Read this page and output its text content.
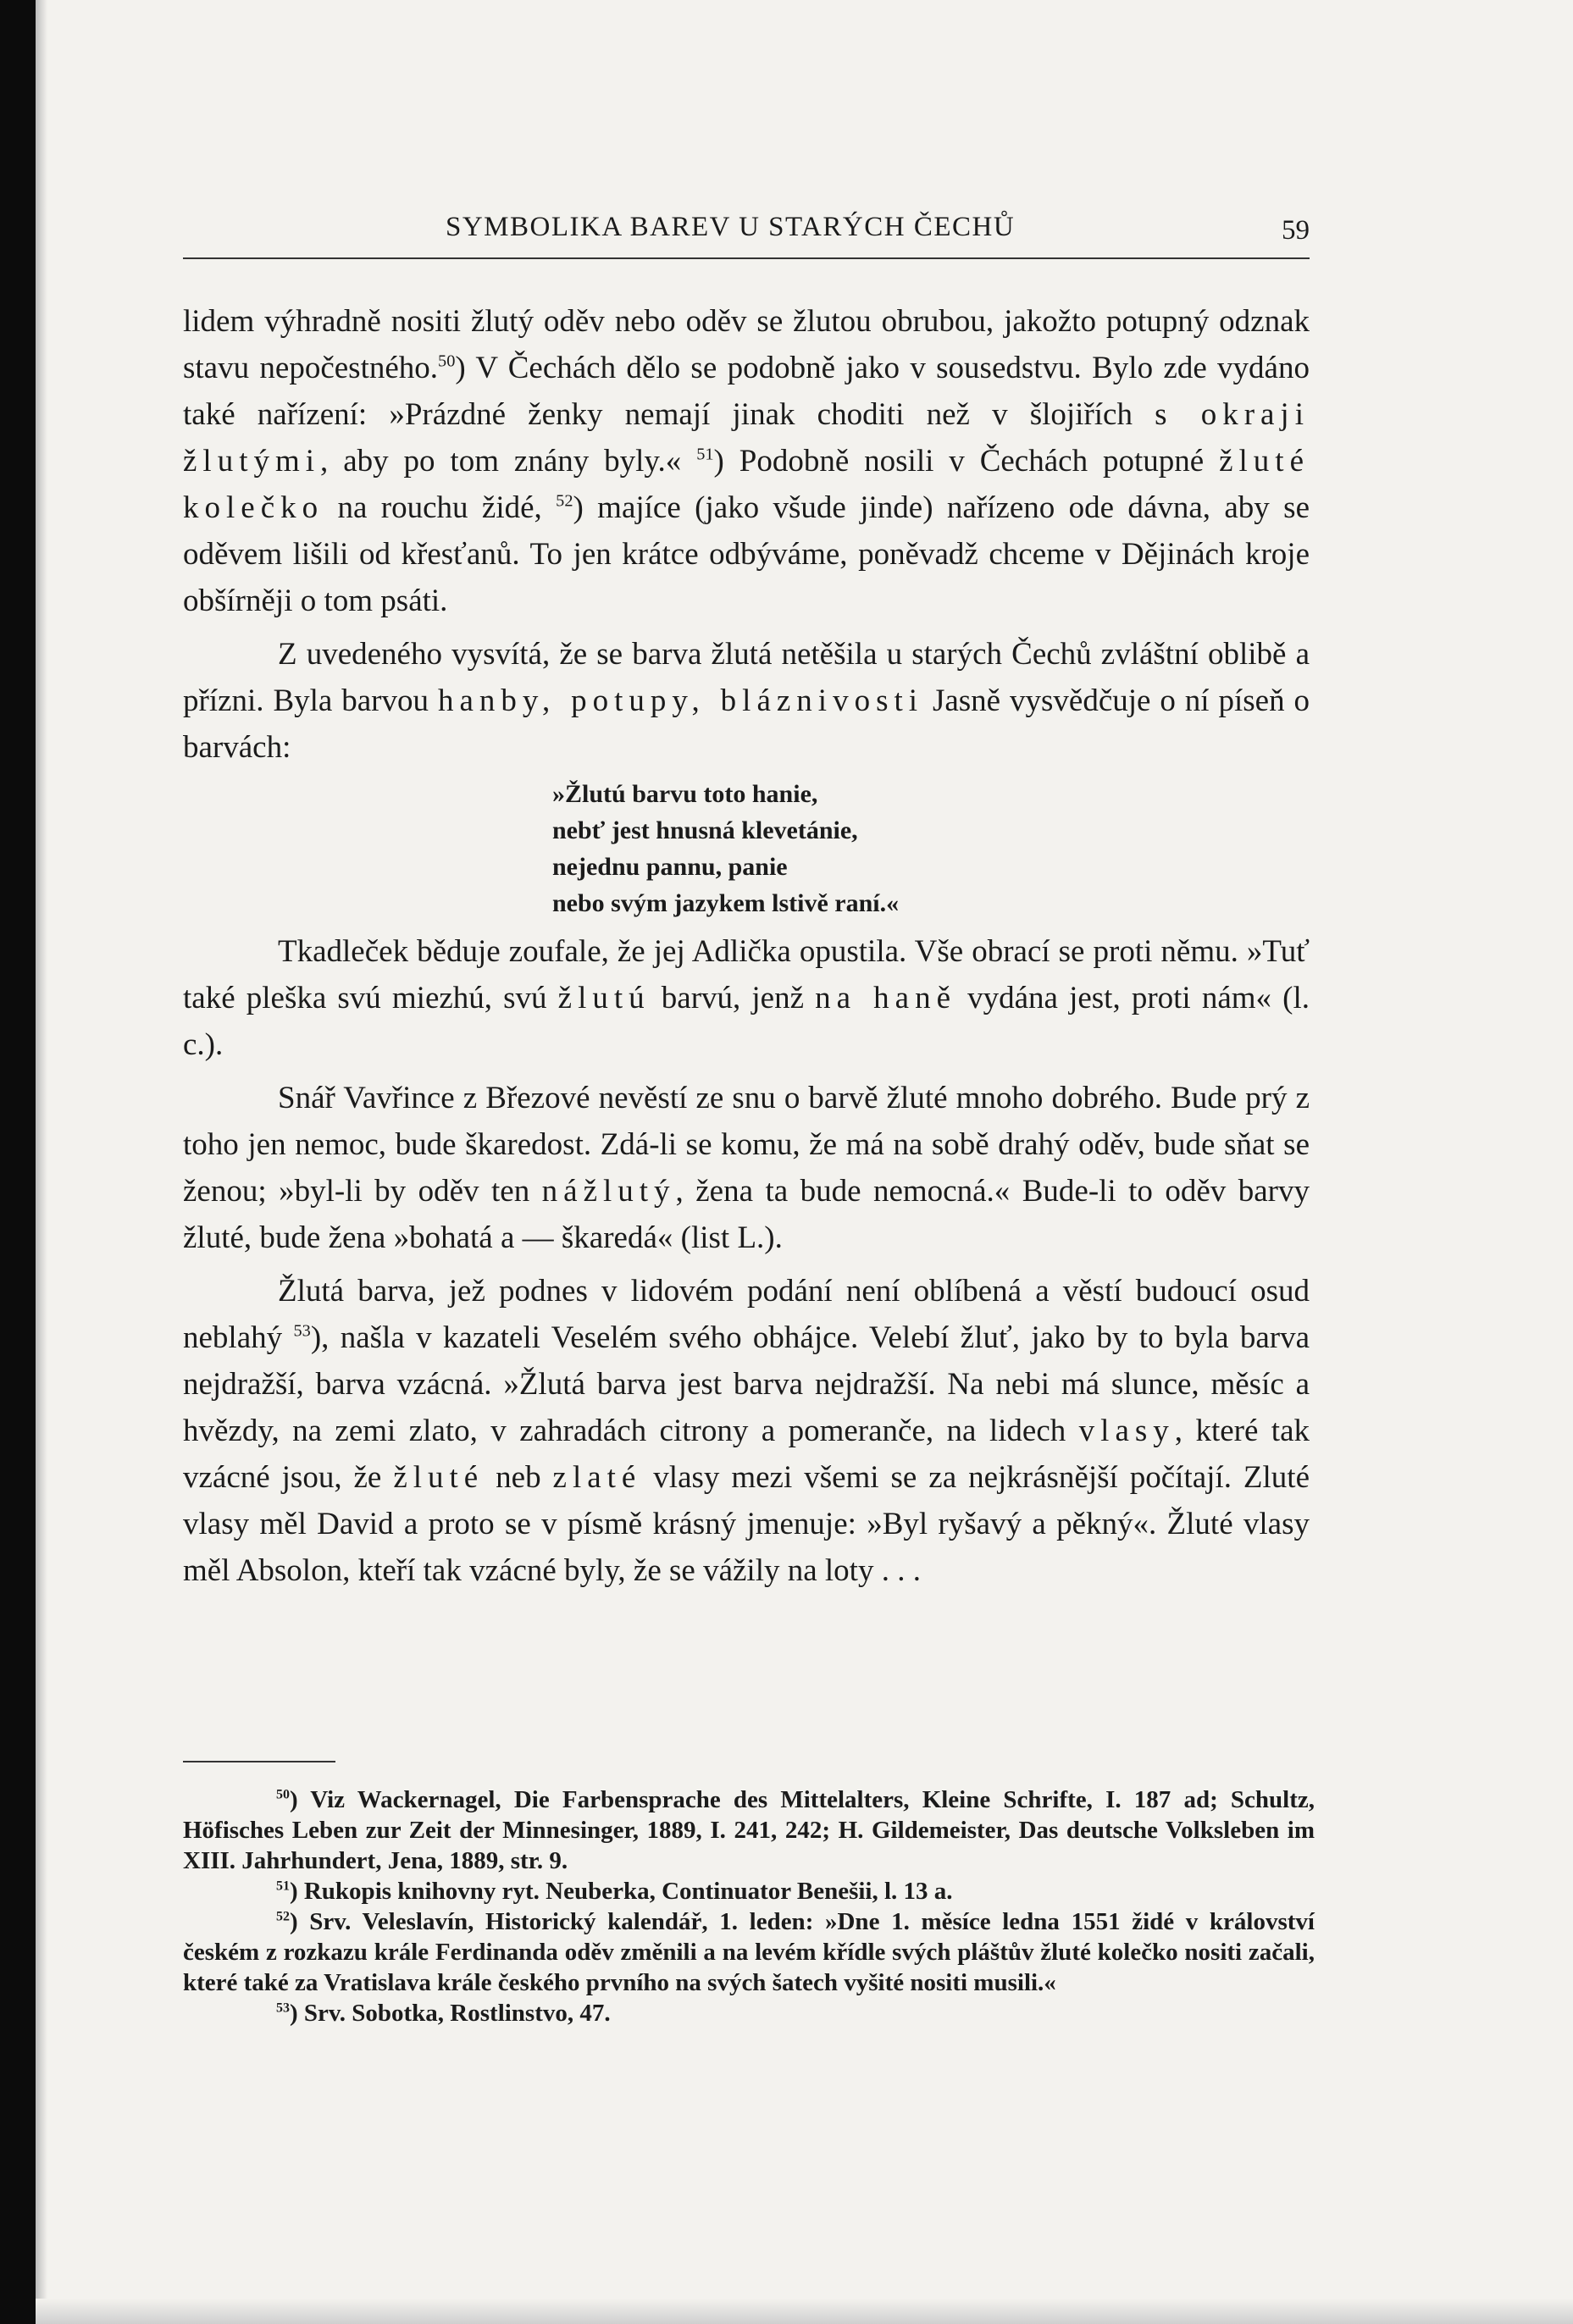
SYMBOLIKA BAREV U STARÝCH ČECHŮ	59

lidem výhradně nositi žlutý oděv nebo oděv se žlutou obrubou, jakožto potupný odznak stavu nepočestného.$^{50}$) V Čechách dělo se podobně jako v sousedstvu. Bylo zde vydáno také nařízení: »Prázdné ženky nemají jinak choditi než v šlojiřích s okraji žlutými, aby po tom znány byly.« $^{51}$) Podobně nosili v Čechách potupné žluté kolečko na rouchu židé, $^{52}$) majíce (jako všude jinde) nařízeno ode dávna, aby se oděvem lišili od křesťanů. To jen krátce odbýváme, poněvadž chceme v Dějinách kroje obšírněji o tom psáti.

Z uvedeného vysvítá, že se barva žlutá netěšila u starých Čechů zvláštní oblibě a přízni. Byla barvou hanby, potupy, bláznivosti Jasně vysvědčuje o ní píseň o barvách:

»Žlutú barvu toto hanie,
nebť jest hnusná klevetánie,
nejednu pannu, panie
nebo svým jazykem lstivě raní.«

Tkadleček běduje zoufale, že jej Adlička opustila. Vše obrací se proti němu. »Tuť také pleška svú miezhú, svú žlutú barvú, jenž na haně vydána jest, proti nám« (l. c.).

Snář Vavřince z Březové nevěstí ze snu o barvě žluté mnoho dobrého. Bude prý z toho jen nemoc, bude škaredost. Zdá-li se komu, že má na sobě drahý oděv, bude sňat se ženou; »byl-li by oděv ten nážlutý, žena ta bude nemocná.« Bude-li to oděv barvy žluté, bude žena »bohatá a — škaredá« (list L.).

Žlutá barva, jež podnes v lidovém podání není oblíbená a věstí budoucí osud neblahý $^{53}$), našla v kazateli Veselém svého obhájce. Velebí žluť, jako by to byla barva nejdražší, barva vzácná. »Žlutá barva jest barva nejdražší. Na nebi má slunce, měsíc a hvězdy, na zemi zlato, v zahradách citrony a pomeranče, na lidech vlasy, které tak vzácné jsou, že žluté neb zlaté vlasy mezi všemi se za nejkrásnější počítají. Zluté vlasy měl David a proto se v písmě krásný jmenuje: »Byl ryšavý a pěkný«. Žluté vlasy měl Absolon, kteří tak vzácné byly, že se vážily na loty . . .

$^{50}$) Viz Wackernagel, Die Farbensprache des Mittelalters, Kleine Schrifte, I. 187 ad; Schultz, Höfisches Leben zur Zeit der Minnesinger, 1889, I. 241, 242; H. Gildemeister, Das deutsche Volksleben im XIII. Jahrhundert, Jena, 1889, str. 9.

$^{51}$) Rukopis knihovny ryt. Neuberka, Continuator Benešii, l. 13 a.

$^{52}$) Srv. Veleslavín, Historický kalendář, 1. leden: »Dne 1. měsíce ledna 1551 židé v království českém z rozkazu krále Ferdinanda oděv změnili a na levém křídle svých pláštův žluté kolečko nositi začali, které také za Vratislava krále českého prvního na svých šatech vyšité nositi musili.«

$^{53}$) Srv. Sobotka, Rostlinstvo, 47.
